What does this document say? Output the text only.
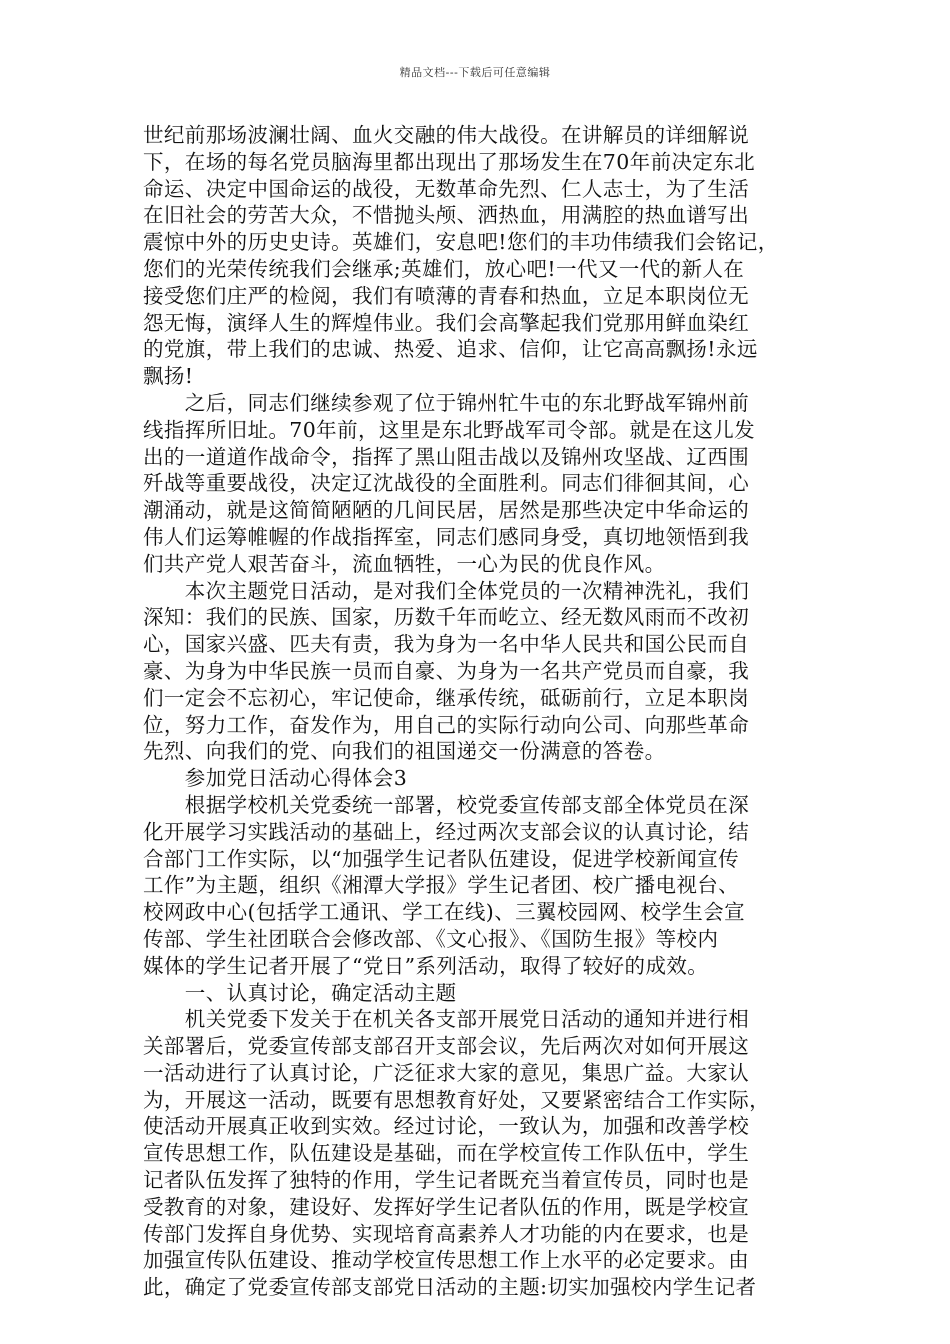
精品文档---下载后可任意编辑
世纪前那场波澜壮阔、血火交融的伟大战役。在讲解员的详细解说
下，在场的每名党员脑海里都出现出了那场发生在70年前决定东北
命运、决定中国命运的战役，无数革命先烈、仁人志士，为了生活
在旧社会的劳苦大众，不惜抛头颅、洒热血，用满腔的热血谱写出
震惊中外的历史史诗。英雄们，安息吧!您们的丰功伟绩我们会铭记，
您们的光荣传统我们会继承;英雄们，放心吧!一代又一代的新人在
接受您们庄严的检阅，我们有喷薄的青春和热血，立足本职岗位无
怨无悔，演绎人生的辉煌伟业。我们会高擎起我们党那用鲜血染红
的党旗，带上我们的忠诚、热爱、追求、信仰，让它高高飘扬!永远
飘扬!
　　之后，同志们继续参观了位于锦州牤牛屯的东北野战军锦州前
线指挥所旧址。70年前，这里是东北野战军司令部。就是在这儿发
出的一道道作战命令，指挥了黑山阻击战以及锦州攻坚战、辽西围
歼战等重要战役，决定辽沈战役的全面胜利。同志们徘徊其间，心
潮涌动，就是这简简陋陋的几间民居，居然是那些决定中华命运的
伟人们运筹帷幄的作战指挥室，同志们感同身受，真切地领悟到我
们共产党人艰苦奋斗，流血牺牲，一心为民的优良作风。
　　本次主题党日活动，是对我们全体党员的一次精神洗礼，我们
深知：我们的民族、国家，历数千年而屹立、经无数风雨而不改初
心，国家兴盛、匹夫有责，我为身为一名中华人民共和国公民而自
豪、为身为中华民族一员而自豪、为身为一名共产党员而自豪，我
们一定会不忘初心，牢记使命，继承传统，砥砺前行，立足本职岗
位，努力工作，奋发作为，用自己的实际行动向公司、向那些革命
先烈、向我们的党、向我们的祖国递交一份满意的答卷。
　　参加党日活动心得体会3
　　根据学校机关党委统一部署，校党委宣传部支部全体党员在深
化开展学习实践活动的基础上，经过两次支部会议的认真讨论，结
合部门工作实际，以“加强学生记者队伍建设，促进学校新闻宣传
工作”为主题，组织《湘潭大学报》学生记者团、校广播电视台、
校网政中心(包括学工通讯、学工在线)、三翼校园网、校学生会宣
传部、学生社团联合会修改部、《文心报》、《国防生报》等校内
媒体的学生记者开展了“党日”系列活动，取得了较好的成效。
　　一、认真讨论，确定活动主题
　　机关党委下发关于在机关各支部开展党日活动的通知并进行相
关部署后，党委宣传部支部召开支部会议，先后两次对如何开展这
一活动进行了认真讨论，广泛征求大家的意见，集思广益。大家认
为，开展这一活动，既要有思想教育好处，又要紧密结合工作实际，
使活动开展真正收到实效。经过讨论，一致认为，加强和改善学校
宣传思想工作，队伍建设是基础，而在学校宣传工作队伍中，学生
记者队伍发挥了独特的作用，学生记者既充当着宣传员，同时也是
受教育的对象，建设好、发挥好学生记者队伍的作用，既是学校宣
传部门发挥自身优势、实现培育高素养人才功能的内在要求，也是
加强宣传队伍建设、推动学校宣传思想工作上水平的必定要求。由
此，确定了党委宣传部支部党日活动的主题:切实加强校内学生记者
